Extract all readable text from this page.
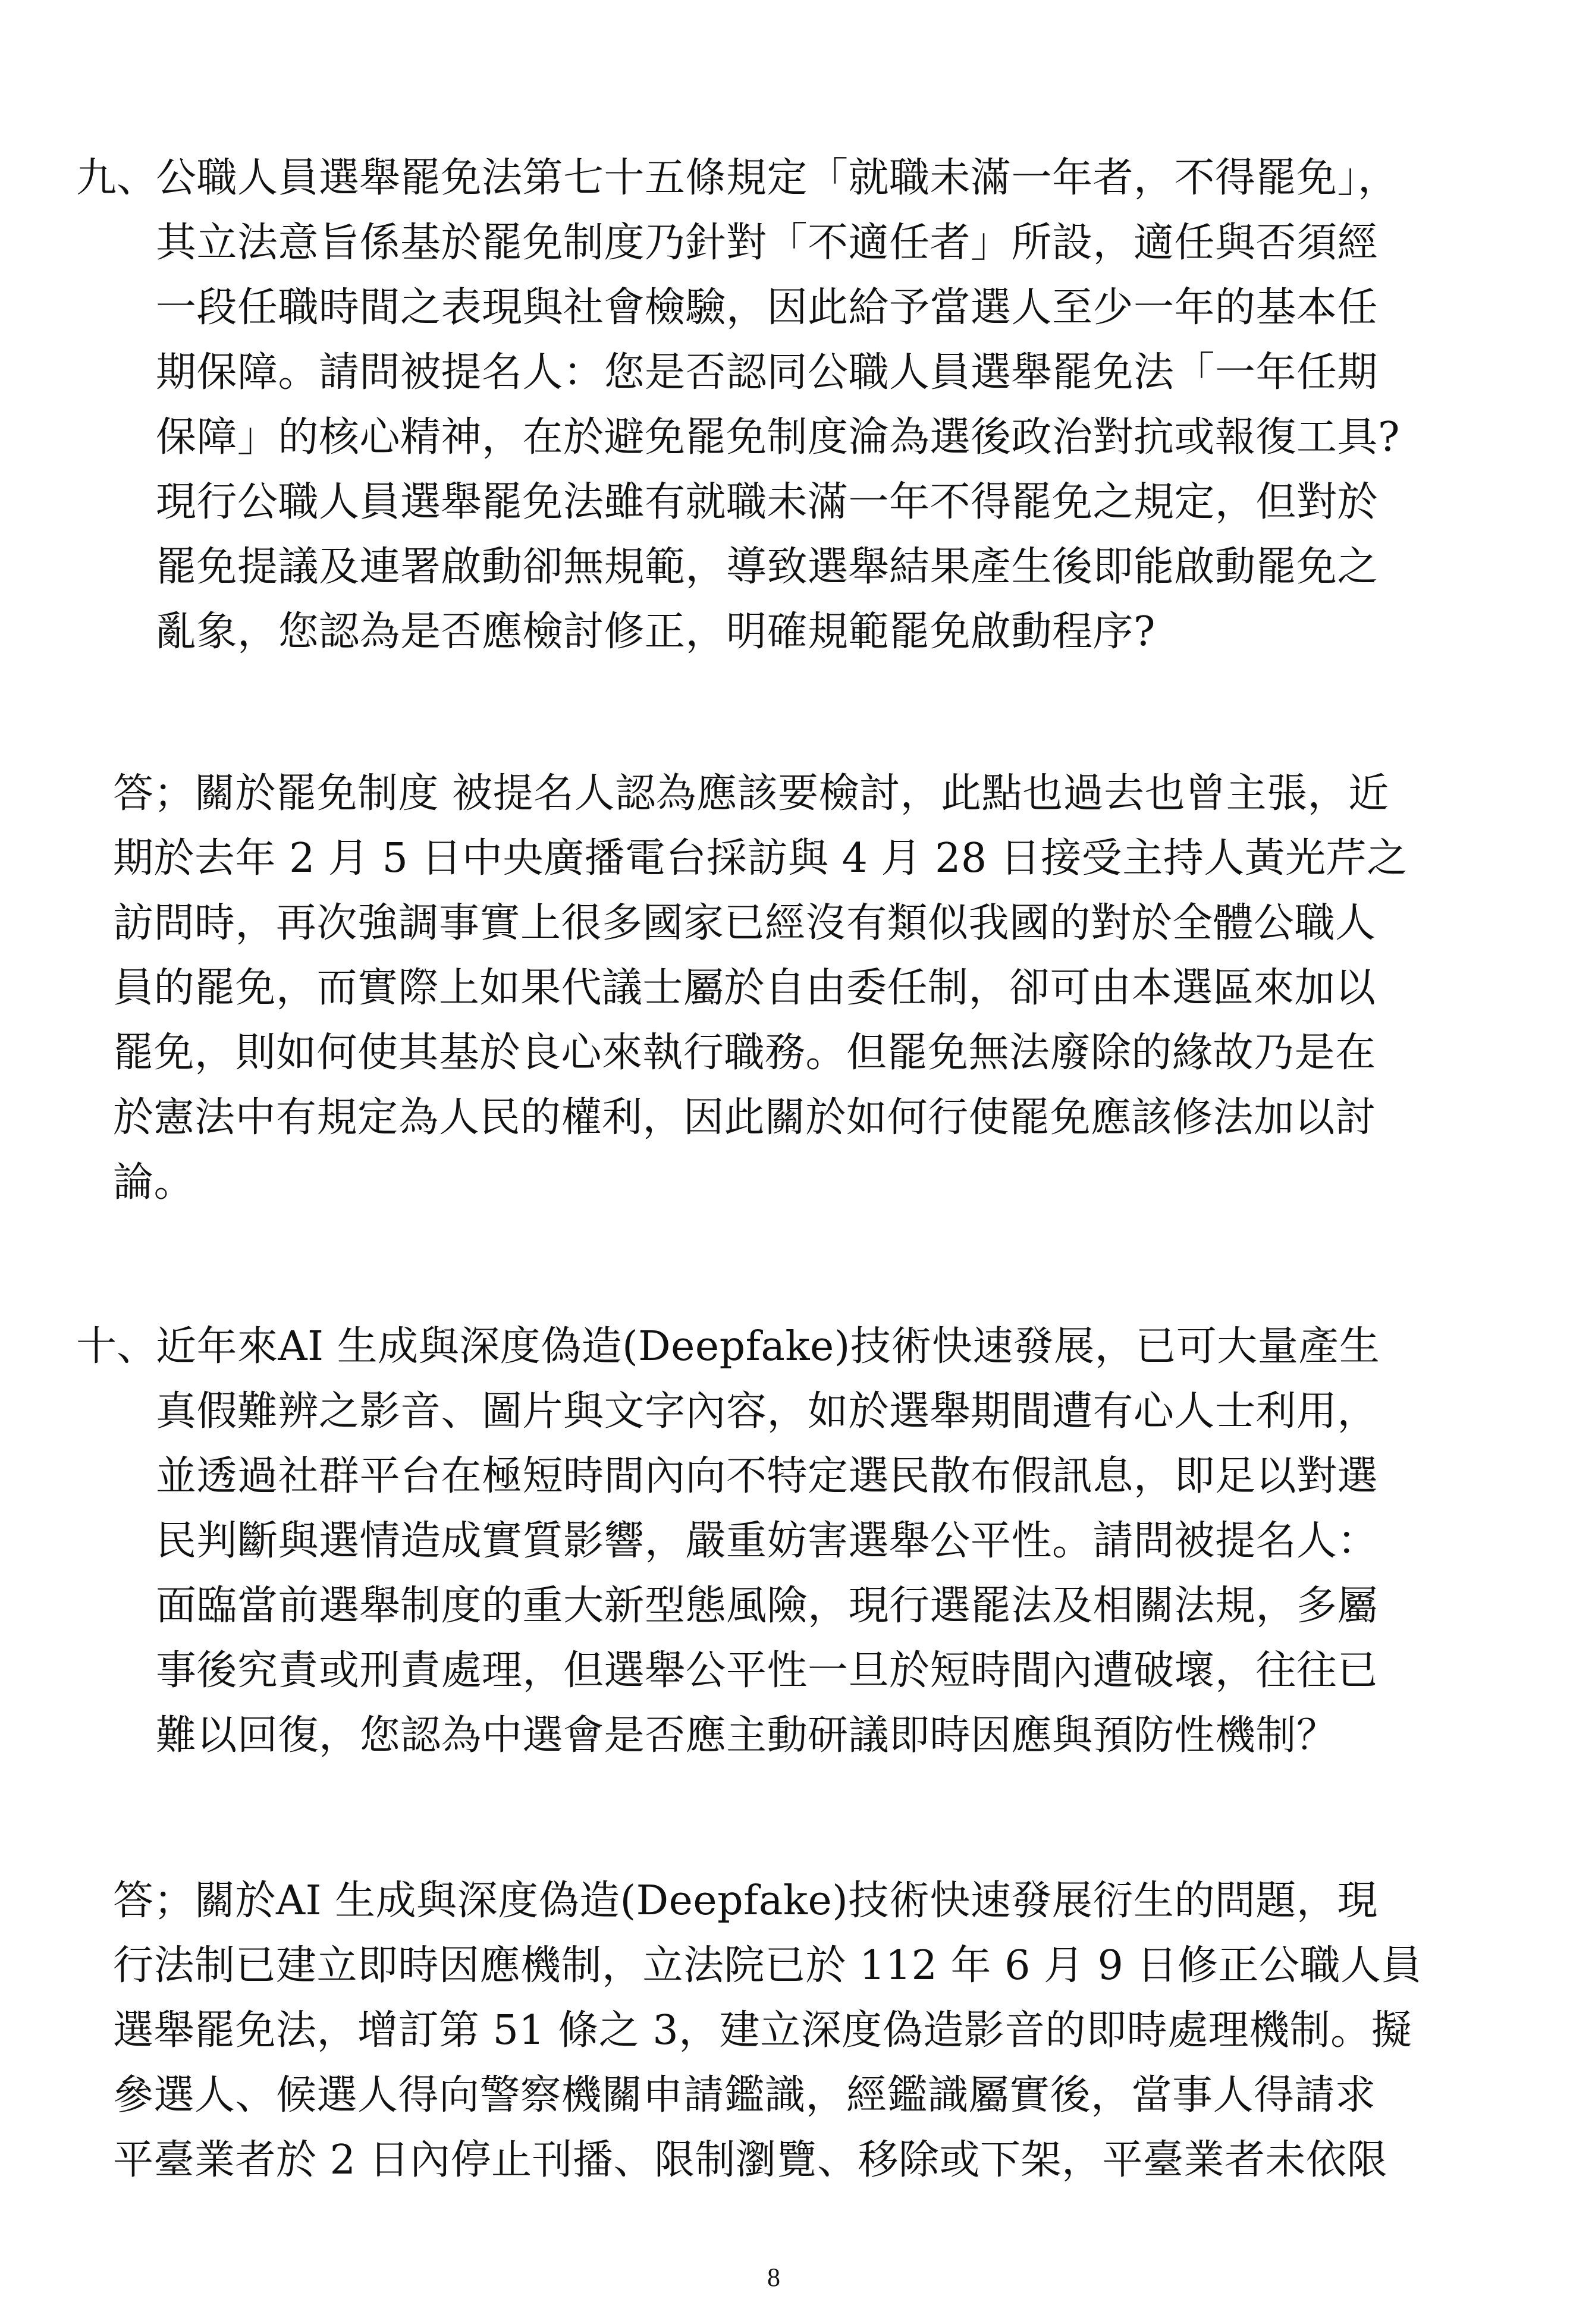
九、
公職人員選舉罷免法第七十五條規定「就職未滿一年者，不得罷免」，
其立法意旨係基於罷免制度乃針對「不適任者」所設，適任與否須經
一段任職時間之表現與社會檢驗，因此給予當選人至少一年的基本任
期保障。請問被提名人：您是否認同公職人員選舉罷免法「一年任期
保障」的核心精神，在於避免罷免制度淪為選後政治對抗或報復工具?
現行公職人員選舉罷免法雖有就職未滿一年不得罷免之規定，但對於
罷免提議及連署啟動卻無規範，導致選舉結果產生後即能啟動罷免之
亂象，您認為是否應檢討修正，明確規範罷免啟動程序?
答；關於罷免制度 被提名人認為應該要檢討，此點也過去也曾主張，近
期於去年 2 月 5 日中央廣播電台採訪與 4 月 28 日接受主持人黃光芹之
訪問時，再次強調事實上很多國家已經沒有類似我國的對於全體公職人
員的罷免，而實際上如果代議士屬於自由委任制，卻可由本選區來加以
罷免，則如何使其基於良心來執行職務。但罷免無法廢除的緣故乃是在
於憲法中有規定為人民的權利，因此關於如何行使罷免應該修法加以討
論。
十、
近年來AI 生成與深度偽造(Deepfake)技術快速發展，已可大量產生
真假難辨之影音、圖片與文字內容，如於選舉期間遭有心人士利用，
並透過社群平台在極短時間內向不特定選民散布假訊息，即足以對選
民判斷與選情造成實質影響，嚴重妨害選舉公平性。請問被提名人：
面臨當前選舉制度的重大新型態風險，現行選罷法及相關法規，多屬
事後究責或刑責處理，但選舉公平性一旦於短時間內遭破壞，往往已
難以回復，您認為中選會是否應主動研議即時因應與預防性機制？
答；關於AI 生成與深度偽造(Deepfake)技術快速發展衍生的問題，現
行法制已建立即時因應機制，立法院已於 112 年 6 月 9 日修正公職人員
選舉罷免法，增訂第 51 條之 3，建立深度偽造影音的即時處理機制。擬
參選人、候選人得向警察機關申請鑑識，經鑑識屬實後，當事人得請求
平臺業者於 2 日內停止刊播、限制瀏覽、移除或下架，平臺業者未依限
8
